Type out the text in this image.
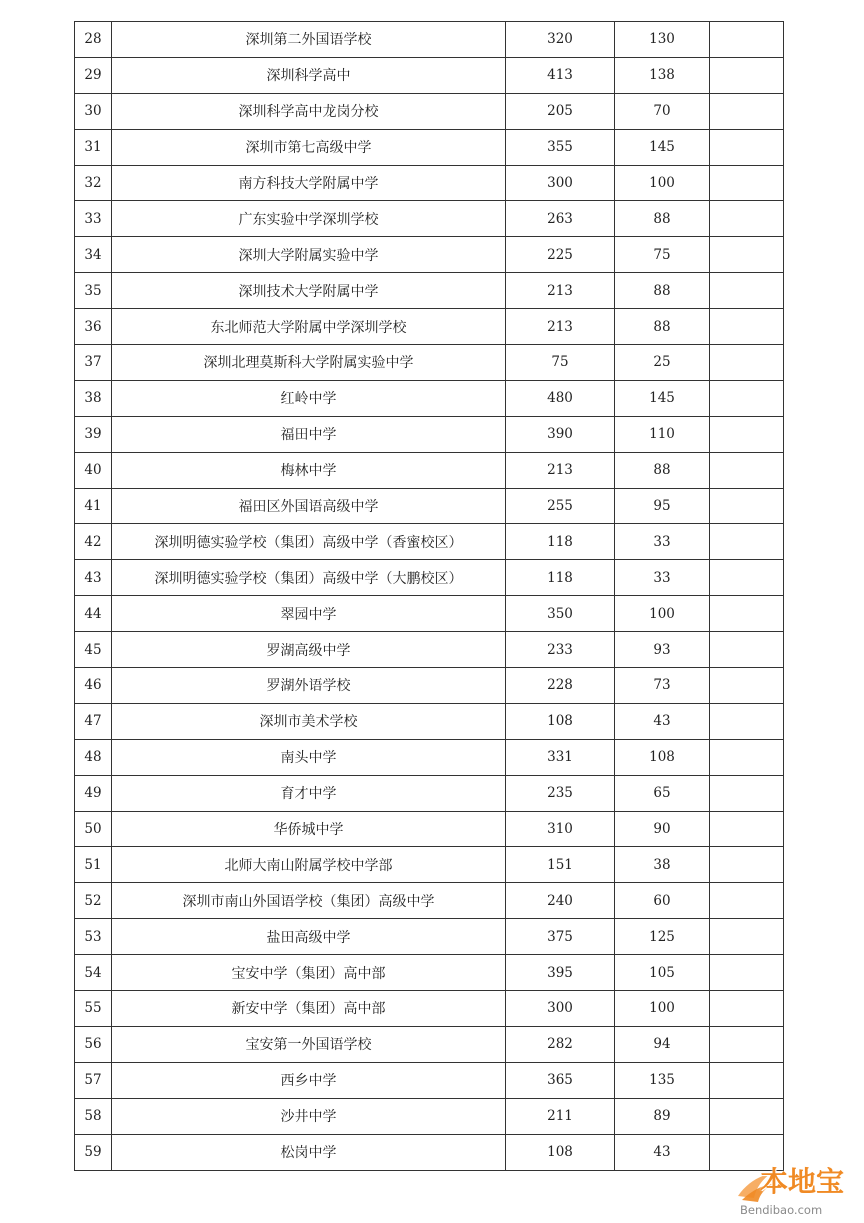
28	深圳第二外国语学校	320	130	
29	深圳科学高中	413	138	
30	深圳科学高中龙岗分校	205	70	
31	深圳市第七高级中学	355	145	
32	南方科技大学附属中学	300	100	
33	广东实验中学深圳学校	263	88	
34	深圳大学附属实验中学	225	75	
35	深圳技术大学附属中学	213	88	
36	东北师范大学附属中学深圳学校	213	88	
37	深圳北理莫斯科大学附属实验中学	75	25	
38	红岭中学	480	145	
39	福田中学	390	110	
40	梅林中学	213	88	
41	福田区外国语高级中学	255	95	
42	深圳明德实验学校（集团）高级中学（香蜜校区）	118	33	
43	深圳明德实验学校（集团）高级中学（大鹏校区）	118	33	
44	翠园中学	350	100	
45	罗湖高级中学	233	93	
46	罗湖外语学校	228	73	
47	深圳市美术学校	108	43	
48	南头中学	331	108	
49	育才中学	235	65	
50	华侨城中学	310	90	
51	北师大南山附属学校中学部	151	38	
52	深圳市南山外国语学校（集团）高级中学	240	60	
53	盐田高级中学	375	125	
54	宝安中学（集团）高中部	395	105	
55	新安中学（集团）高中部	300	100	
56	宝安第一外国语学校	282	94	
57	西乡中学	365	135	
58	沙井中学	211	89	
59	松岗中学	108	43	
本地宝
Bendibao.com
